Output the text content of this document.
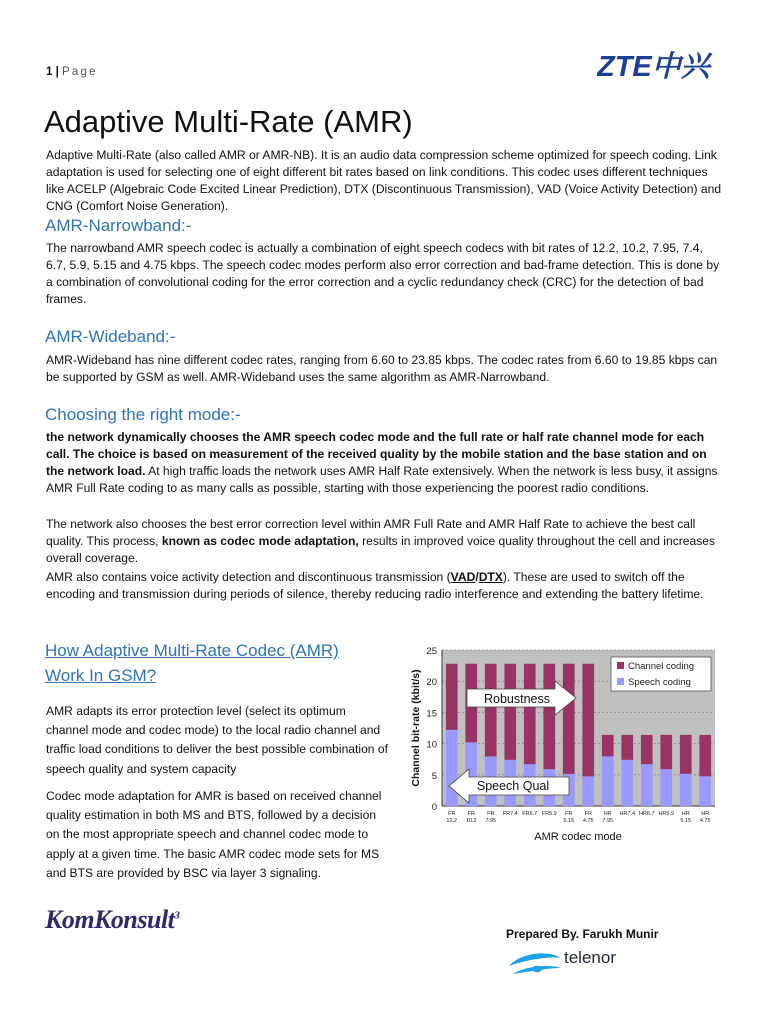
1 | Page	ZTE中兴
Adaptive Multi-Rate (AMR)

Adaptive Multi-Rate (also called AMR or AMR-NB). It is an audio data compression scheme optimized for speech coding. Link adaptation is used for selecting one of eight different bit rates based on link conditions. This codec uses different techniques like ACELP (Algebraic Code Excited Linear Prediction), DTX (Discontinuous Transmission), VAD (Voice Activity Detection) and CNG (Comfort Noise Generation).

AMR-Narrowband:-

The narrowband AMR speech codec is actually a combination of eight speech codecs with bit rates of 12.2, 10.2, 7.95, 7.4, 6.7, 5.9, 5.15 and 4.75 kbps. The speech codec modes perform also error correction and bad-frame detection. This is done by a combination of convolutional coding for the error correction and a cyclic redundancy check (CRC) for the detection of bad frames.

AMR-Wideband:-

AMR-Wideband has nine different codec rates, ranging from 6.60 to 23.85 kbps. The codec rates from 6.60 to 19.85 kbps can be supported by GSM as well. AMR-Wideband uses the same algorithm as AMR-Narrowband.

Choosing the right mode:-

the network dynamically chooses the AMR speech codec mode and the full rate or half rate channel mode for each call. The choice is based on measurement of the received quality by the mobile station and the base station and on the network load. At high traffic loads the network uses AMR Half Rate extensively. When the network is less busy, it assigns AMR Full Rate coding to as many calls as possible, starting with those experiencing the poorest radio conditions.

The network also chooses the best error correction level within AMR Full Rate and AMR Half Rate to achieve the best call quality. This process, known as codec mode adaptation, results in improved voice quality throughout the cell and increases overall coverage.

AMR also contains voice activity detection and discontinuous transmission (VAD/DTX). These are used to switch off the encoding and transmission during periods of silence, thereby reducing radio interference and extending the battery lifetime.

How Adaptive Multi-Rate Codec (AMR) Work In GSM?

AMR adapts its error protection level (select its optimum channel mode and codec mode) to the local radio channel and traffic load conditions to deliver the best possible combination of speech quality and system capacity

Codec mode adaptation for AMR is based on received channel quality estimation in both MS and BTS, followed by a decision on the most appropriate speech and channel codec mode to apply at a given time. The basic AMR codec mode sets for MS and BTS are provided by BSC via layer 3 signaling.

0
5
10
15
20
25
FR
12.2
FR
10.2
FR
7.95
FR7.4 FR6.7 FR5.9 FR
5.15
FR
4.75
HR
7.95
HR7.4 HR6.7 HR5.9 HR
5.15
HR
4.75
Channel coding
Speech coding
Robustness
Speech Qual
Channel bit-rate (kbit/s)
AMR codec mode
KomKonsult$^3$
Prepared By. Farukh Munir
telenor
